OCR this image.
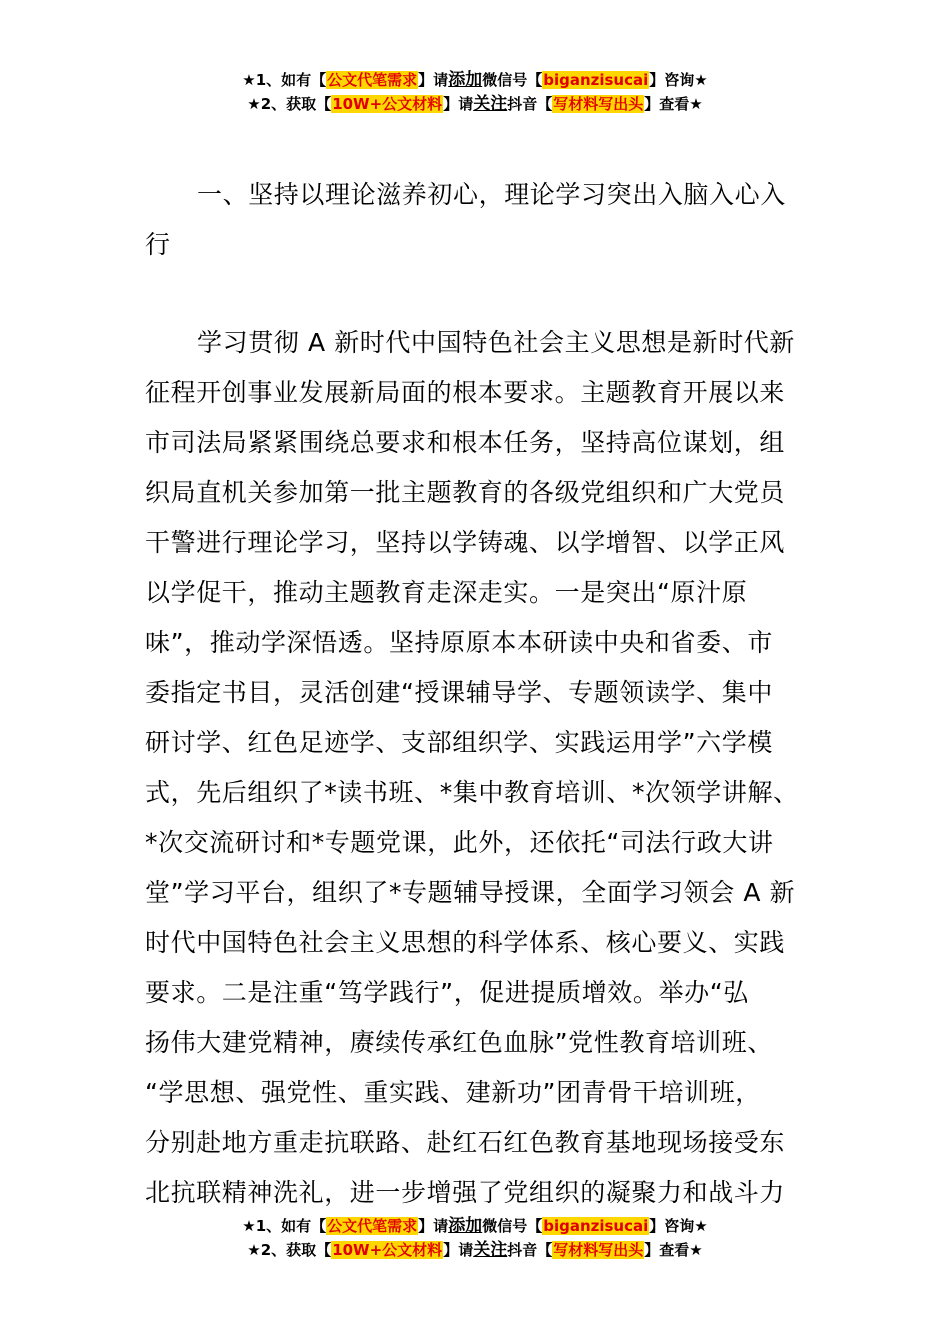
★1、如有【公文代笔需求】请添加微信号【biganzisucai】咨询★
★2、获取【10W+公文材料】请关注抖音【写材料写出头】查看★
一、坚持以理论滋养初心，理论学习突出入脑入心入
行
学习贯彻 A 新时代中国特色社会主义思想是新时代新
征程开创事业发展新局面的根本要求。主题教育开展以来
市司法局紧紧围绕总要求和根本任务，坚持高位谋划，组
织局直机关参加第一批主题教育的各级党组织和广大党员
干警进行理论学习，坚持以学铸魂、以学增智、以学正风
以学促干，推动主题教育走深走实。一是突出“原汁原
味”，推动学深悟透。坚持原原本本研读中央和省委、市
委指定书目，灵活创建“授课辅导学、专题领读学、集中
研讨学、红色足迹学、支部组织学、实践运用学”六学模
式，先后组织了*读书班、*集中教育培训、*次领学讲解、
*次交流研讨和*专题党课，此外，还依托“司法行政大讲
堂”学习平台，组织了*专题辅导授课，全面学习领会 A 新
时代中国特色社会主义思想的科学体系、核心要义、实践
要求。二是注重“笃学践行”，促进提质增效。举办“弘
扬伟大建党精神，赓续传承红色血脉”党性教育培训班、
“学思想、强党性、重实践、建新功”团青骨干培训班，
分别赴地方重走抗联路、赴红石红色教育基地现场接受东
北抗联精神洗礼，进一步增强了党组织的凝聚力和战斗力
★1、如有【公文代笔需求】请添加微信号【biganzisucai】咨询★
★2、获取【10W+公文材料】请关注抖音【写材料写出头】查看★
